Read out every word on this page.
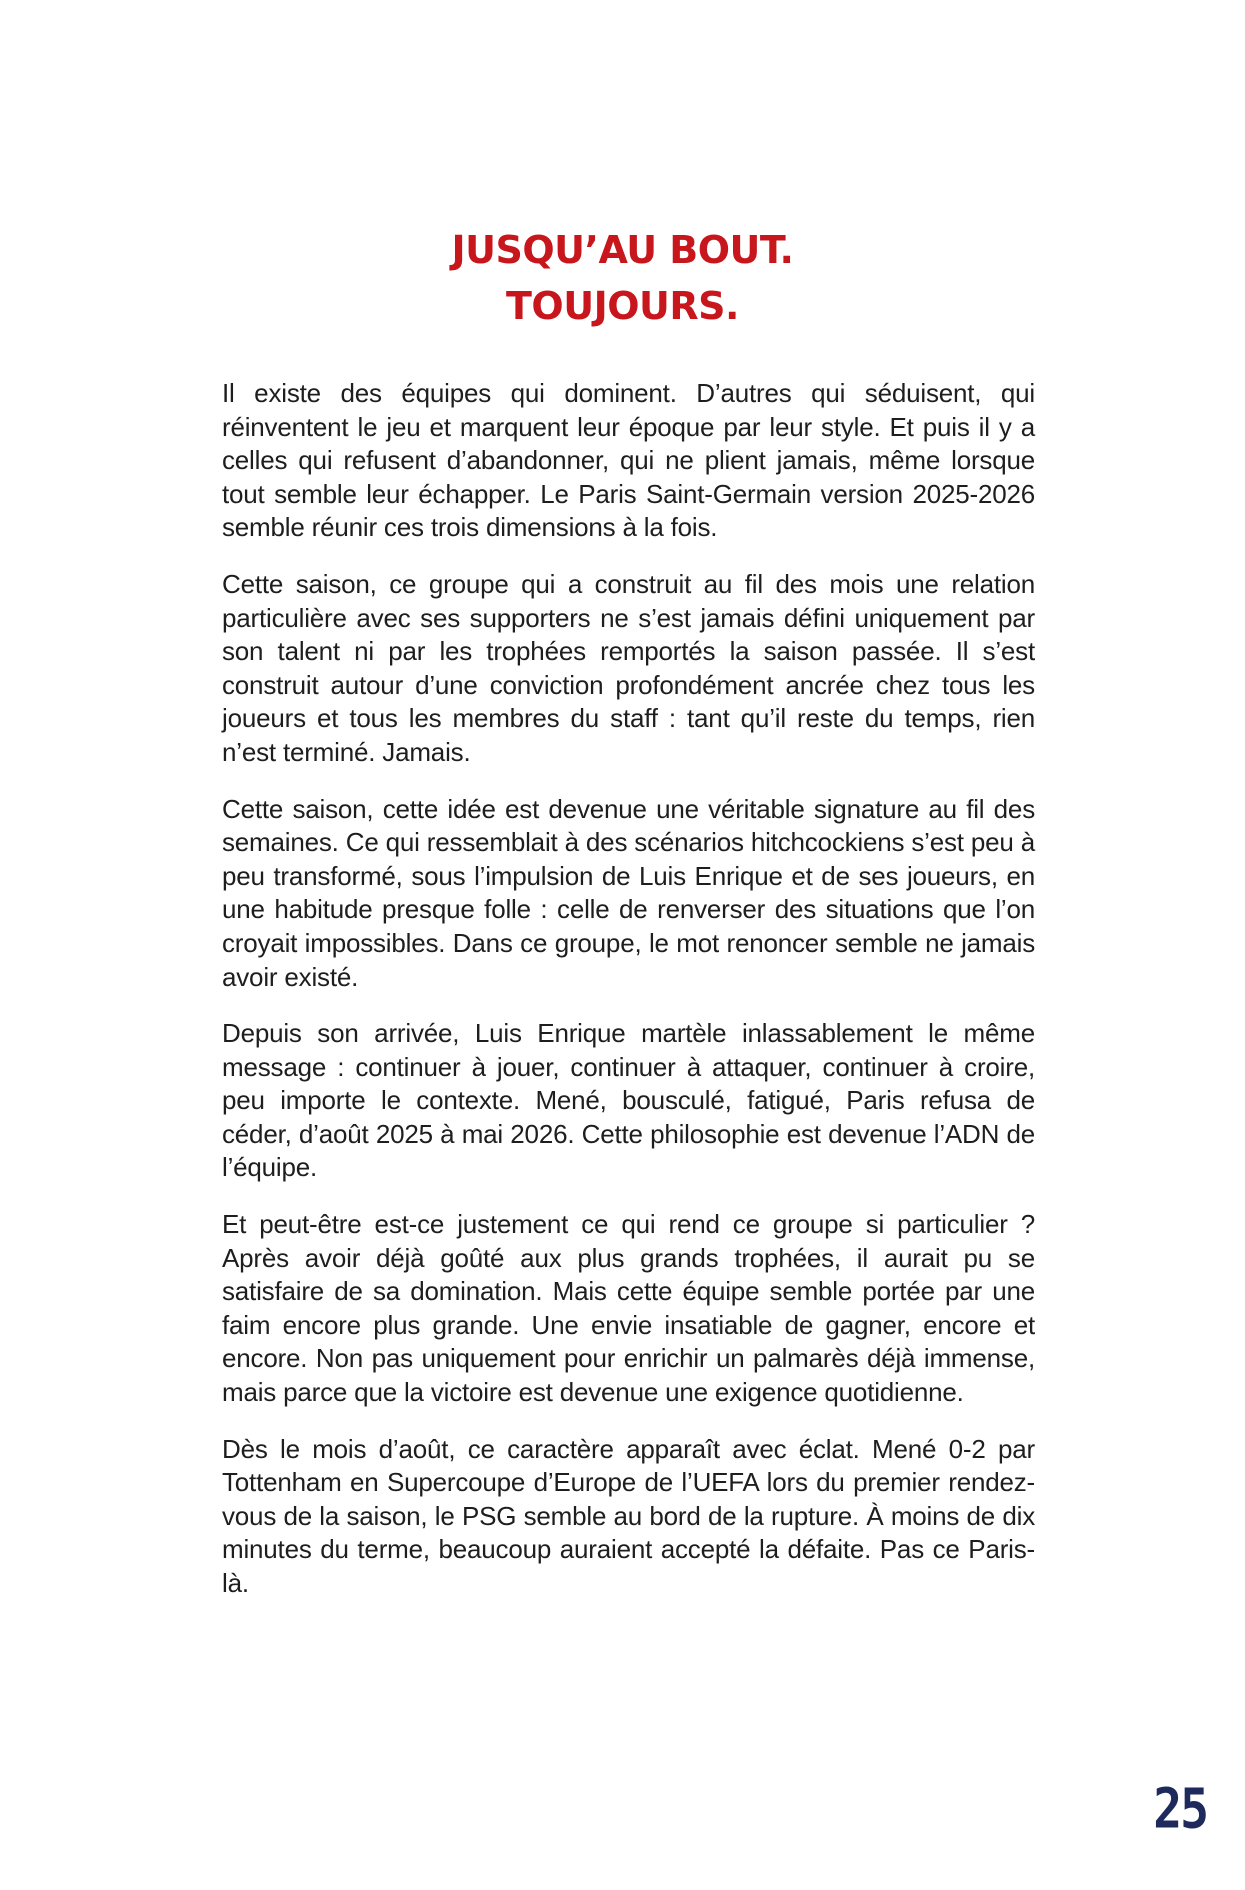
JUSQU’AU BOUT.
TOUJOURS.

Il existe des équipes qui dominent. D’autres qui séduisent, qui réinventent le jeu et marquent leur époque par leur style. Et puis il y a celles qui refusent d’abandonner, qui ne plient jamais, même lorsque tout semble leur échapper. Le Paris Saint-Germain version 2025-2026 semble réunir ces trois dimensions à la fois.

Cette saison, ce groupe qui a construit au fil des mois une relation particulière avec ses supporters ne s’est jamais défini uniquement par son talent ni par les trophées remportés la saison passée. Il s’est construit autour d’une conviction profondément ancrée chez tous les joueurs et tous les membres du staff : tant qu’il reste du temps, rien n’est terminé. Jamais.

Cette saison, cette idée est devenue une véritable signature au fil des semaines. Ce qui ressemblait à des scénarios hitchcockiens s’est peu à peu transformé, sous l’impulsion de Luis Enrique et de ses joueurs, en une habitude presque folle : celle de renverser des situations que l’on croyait impossibles. Dans ce groupe, le mot renoncer semble ne jamais avoir existé.

Depuis son arrivée, Luis Enrique martèle inlassablement le même message : continuer à jouer, continuer à attaquer, continuer à croire, peu importe le contexte. Mené, bousculé, fatigué, Paris refusa de céder, d’août 2025 à mai 2026. Cette philosophie est devenue l’ADN de l’équipe.

Et peut-être est-ce justement ce qui rend ce groupe si particulier ? Après avoir déjà goûté aux plus grands trophées, il aurait pu se satisfaire de sa domination. Mais cette équipe semble portée par une faim encore plus grande. Une envie insatiable de gagner, encore et encore. Non pas uniquement pour enrichir un palmarès déjà immense, mais parce que la victoire est devenue une exigence quotidienne.

Dès le mois d’août, ce caractère apparaît avec éclat. Mené 0-2 par Tottenham en Supercoupe d’Europe de l’UEFA lors du premier rendez-vous de la saison, le PSG semble au bord de la rupture. À moins de dix minutes du terme, beaucoup auraient accepté la défaite. Pas ce Paris-là.

25
